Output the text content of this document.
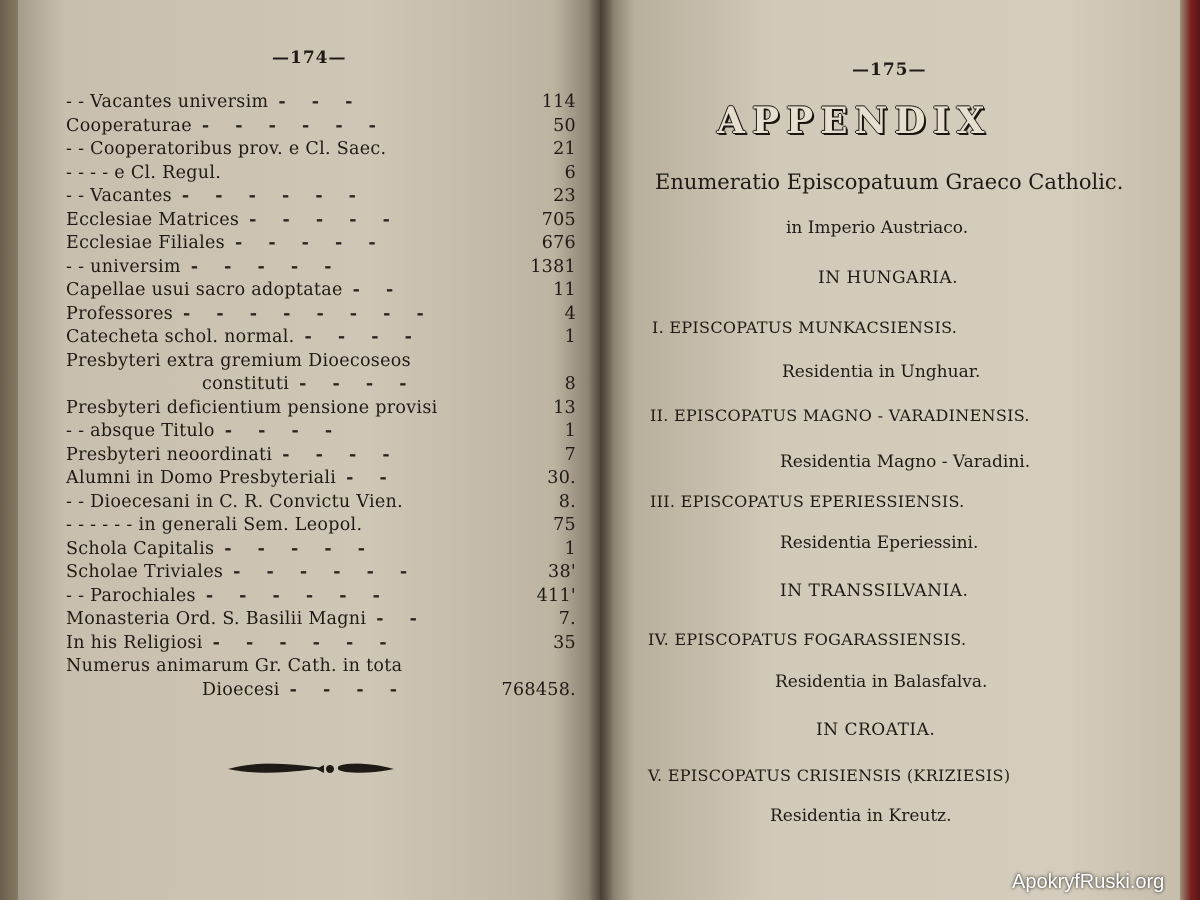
—174—
- - Vacantes universim - - -	114
Cooperaturae - - - - - -	50
- - Cooperatoribus prov. e Cl. Saec.	21
- - - - e Cl. Regul.	6
- - Vacantes - - - - - -	23
Ecclesiae Matrices - - - - -	705
Ecclesiae Filiales - - - - -	676
- - universim - - - - -	1381
Capellae usui sacro adoptatae - -	11
Professores - - - - - - - -	4
Catecheta schol. normal. - - - -	1
Presbyteri extra gremium Dioecoseos
constituti - - - -	8
Presbyteri deficientium pensione provisi	13
- - absque Titulo - - - -	1
Presbyteri neoordinati - - - -	7
Alumni in Domo Presbyteriali - -	30.
- - Dioecesani in C. R. Convictu Vien.	8.
- - - - - - in generali Sem. Leopol.	75
Schola Capitalis - - - - -	1
Scholae Triviales - - - - - -	38'
- - Parochiales - - - - - -	411'
Monasteria Ord. S. Basilii Magni - -	7.
In his Religiosi - - - - - -	35
Numerus animarum Gr. Cath. in tota
Dioecesi - - - -	768458.
—175—
APPENDIX
Enumeratio Episcopatuum Graeco Catholic.
in Imperio Austriaco.
IN HUNGARIA.
I. EPISCOPATUS MUNKACSIENSIS.
Residentia in Unghuar.
II. EPISCOPATUS MAGNO - VARADINENSIS.
Residentia Magno - Varadini.
III. EPISCOPATUS EPERIESSIENSIS.
Residentia Eperiessini.
IN TRANSSILVANIA.
IV. EPISCOPATUS FOGARASSIENSIS.
Residentia in Balasfalva.
IN CROATIA.
V. EPISCOPATUS CRISIENSIS (KRIZIESIS)
Residentia in Kreutz.
ApokryfRuski.org
